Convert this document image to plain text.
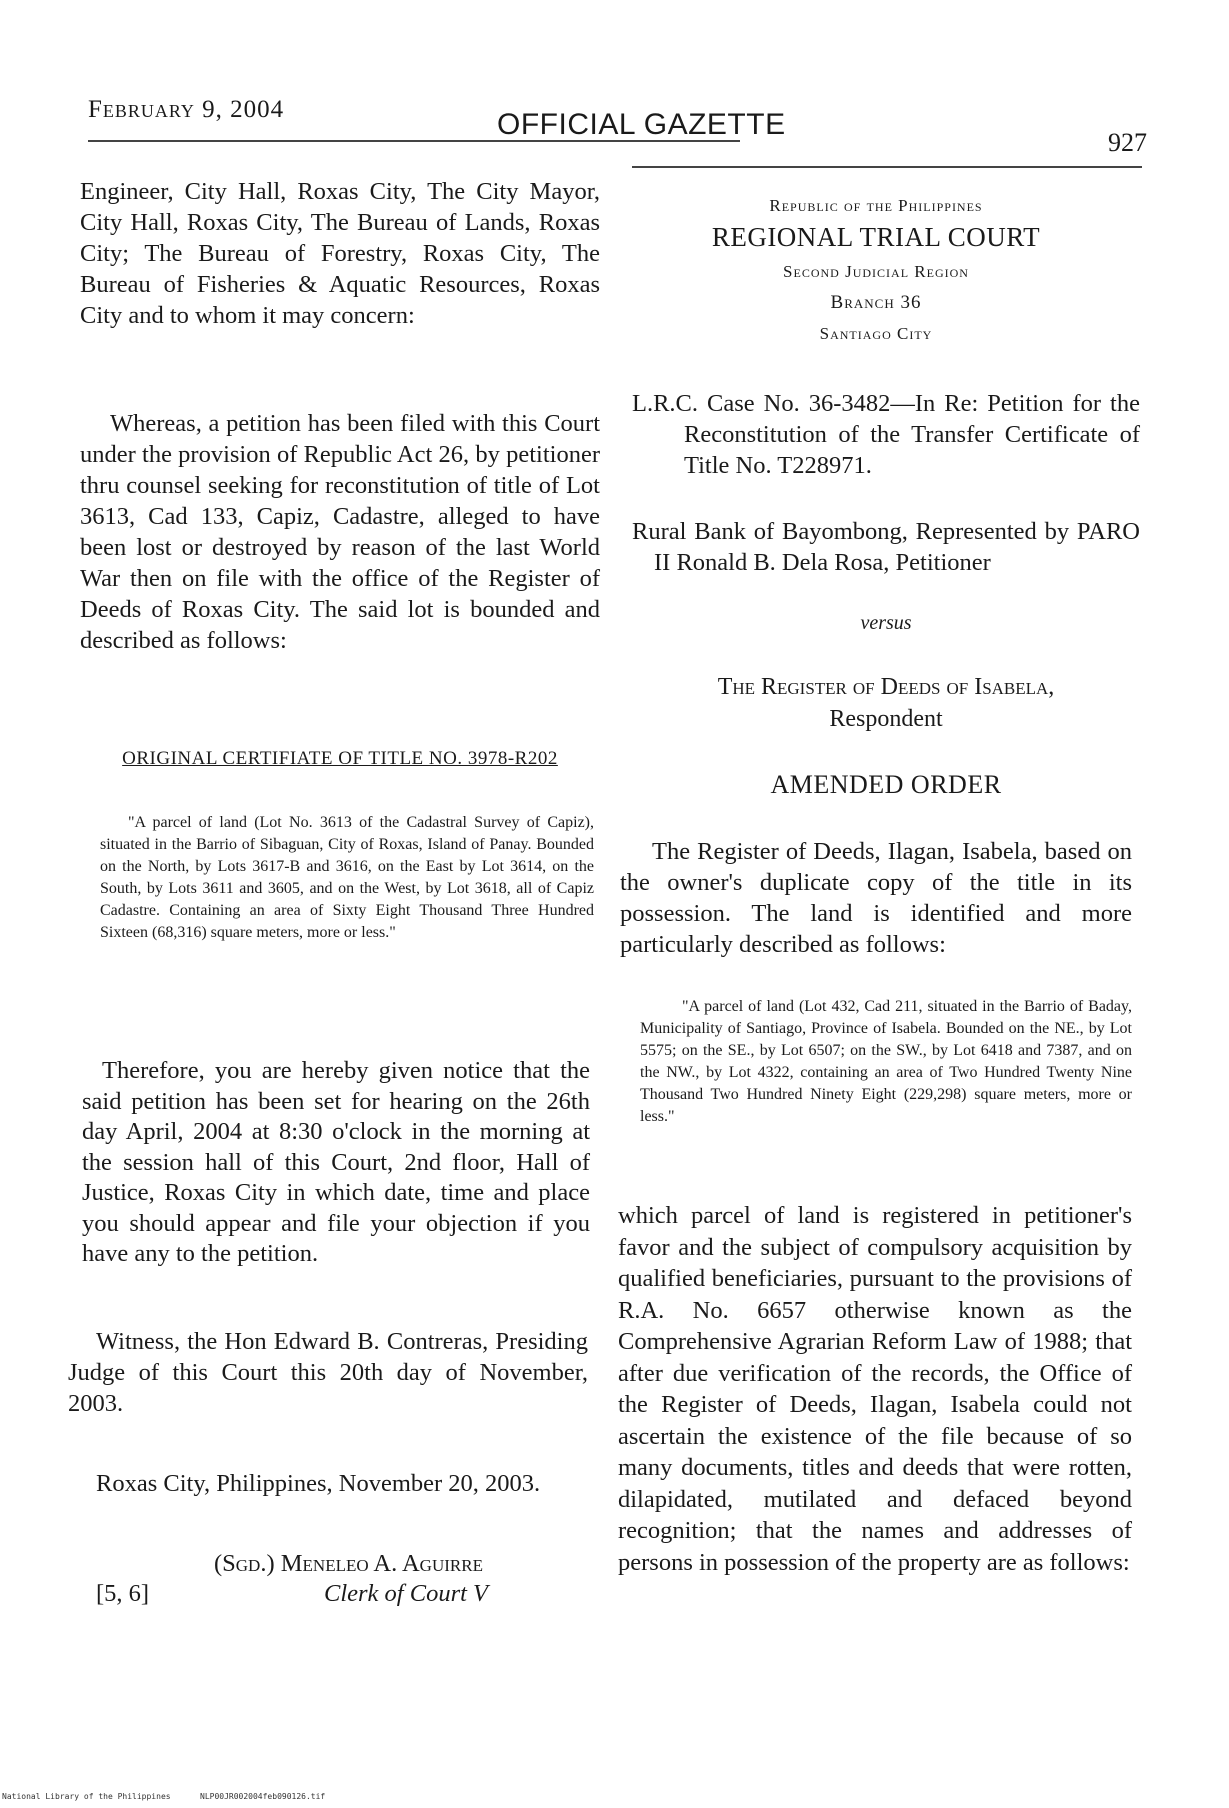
February 9, 2004	OFFICIAL GAZETTE
927
Engineer, City Hall, Roxas City, The City Mayor, City Hall, Roxas City, The Bureau of Lands, Roxas City; The Bureau of Forestry, Roxas City, The Bureau of Fisheries & Aquatic Resources, Roxas City and to whom it may concern:
Whereas, a petition has been filed with this Court under the provision of Republic Act 26, by petitioner thru counsel seeking for reconstitution of title of Lot 3613, Cad 133, Capiz, Cadastre, alleged to have been lost or destroyed by reason of the last World War then on file with the office of the Register of Deeds of Roxas City. The said lot is bounded and described as follows:
ORIGINAL CERTIFIATE OF TITLE NO. 3978-R202
"A parcel of land (Lot No. 3613 of the Cadastral Survey of Capiz), situated in the Barrio of Sibaguan, City of Roxas, Island of Panay. Bounded on the North, by Lots 3617-B and 3616, on the East by Lot 3614, on the South, by Lots 3611 and 3605, and on the West, by Lot 3618, all of Capiz Cadastre. Containing an area of Sixty Eight Thousand Three Hundred Sixteen (68,316) square meters, more or less."
Therefore, you are hereby given notice that the said petition has been set for hearing on the 26th day April, 2004 at 8:30 o'clock in the morning at the session hall of this Court, 2nd floor, Hall of Justice, Roxas City in which date, time and place you should appear and file your objection if you have any to the petition.
Witness, the Hon Edward B. Contreras, Presiding Judge of this Court this 20th day of November, 2003.
Roxas City, Philippines, November 20, 2003.
(Sgd.) Meneleo A. Aguirre
[5, 6]	Clerk of Court V
Republic of the Philippines
REGIONAL TRIAL COURT
Second Judicial Region
Branch 36
Santiago City
L.R.C. Case No. 36-3482—In Re: Petition for the Reconstitution of the Transfer Certificate of Title No. T228971.
Rural Bank of Bayombong, Represented by PARO II Ronald B. Dela Rosa, Petitioner
versus
The Register of Deeds of Isabela,
Respondent
AMENDED ORDER
The Register of Deeds, Ilagan, Isabela, based on the owner's duplicate copy of the title in its possession. The land is identified and more particularly described as follows:
"A parcel of land (Lot 432, Cad 211, situated in the Barrio of Baday, Municipality of Santiago, Province of Isabela. Bounded on the NE., by Lot 5575; on the SE., by Lot 6507; on the SW., by Lot 6418 and 7387, and on the NW., by Lot 4322, containing an area of Two Hundred Twenty Nine Thousand Two Hundred Ninety Eight (229,298) square meters, more or less."
which parcel of land is registered in petitioner's favor and the subject of compulsory acquisition by qualified beneficiaries, pursuant to the provisions of R.A. No. 6657 otherwise known as the Comprehensive Agrarian Reform Law of 1988; that after due verification of the records, the Office of the Register of Deeds, Ilagan, Isabela could not ascertain the existence of the file because of so many documents, titles and deeds that were rotten, dilapidated, mutilated and defaced beyond recognition; that the names and addresses of persons in possession of the property are as follows:
National Library of the Philippines	NLP00JR002004feb090126.tif
